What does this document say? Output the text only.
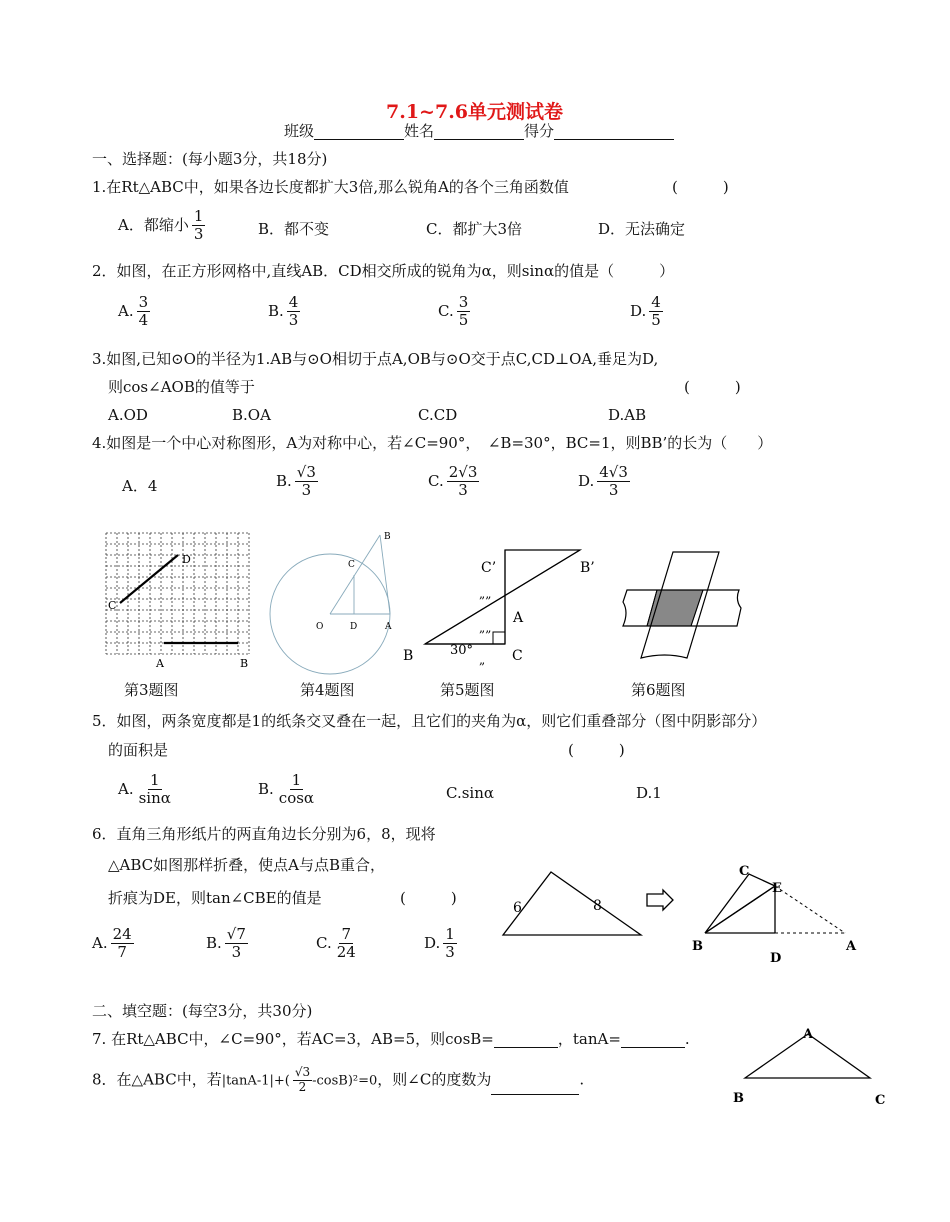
7.1~7.6单元测试卷
班级	姓名	得分
一、选择题：(每小题3分，共18分)
1.在Rt△ABC中，如果各边长度都扩大3倍,那么锐角A的各个三角函数值	(　　　)
A．都缩小 $\frac{1}{3}$	B．都不变	C．都扩大3倍	D．无法确定
2．如图，在正方形网格中,直线AB．CD相交所成的锐角为α，则sinα的值是（　　　）
A. $\frac{3}{4}$	B. $\frac{4}{3}$	C. $\frac{3}{5}$	D. $\frac{4}{5}$
3.如图,已知⊙O的半径为1.AB与⊙O相切于点A,OB与⊙O交于点C,CD⊥OA,垂足为D,
则cos∠AOB的值等于	(　　　)
A.OD	B.OA	C.CD	D.AB
4.如图是一个中心对称图形，A为对称中心，若∠C=90°，　∠B=30°，BC=1，则BB’的长为（　　）
A．4	B. $\frac{√3}{3}$	C. $\frac{2√3}{3}$	D. $\frac{4√3}{3}$
C
D
A	B
第3题图
O	D	A
C
B
第4题图
C’	B’
A
B	C
30°
„„
„„
„
第5题图	第6题图
5．如图，两条宽度都是1的纸条交叉叠在一起，且它们的夹角为α，则它们重叠部分（图中阴影部分）
的面积是	(　　　)
A. $\frac{1}{\sin\alpha}$	B. $\frac{1}{\cos\alpha}$	C.sinα	D.1
6．直角三角形纸片的两直角边长分别为6，8，现将
△ABC如图那样折叠，使点A与点B重合，
折痕为DE，则tan∠CBE的值是	(　　　)
A. $\frac{24}{7}$	B. $\frac{√7}{3}$	C. $\frac{7}{24}$	D. $\frac{1}{3}$
6	8
B
D
A
C
E
二、填空题：(每空3分，共30分)
7. 在Rt△ABC中，∠C=90°，若AC=3，AB=5，则cosB=	，tanA=	.
8．在△ABC中，若$|\tan A-1|+( \frac{√3}{2} -\cos B)^2=0$，则∠C的度数为	.
A
B	C
